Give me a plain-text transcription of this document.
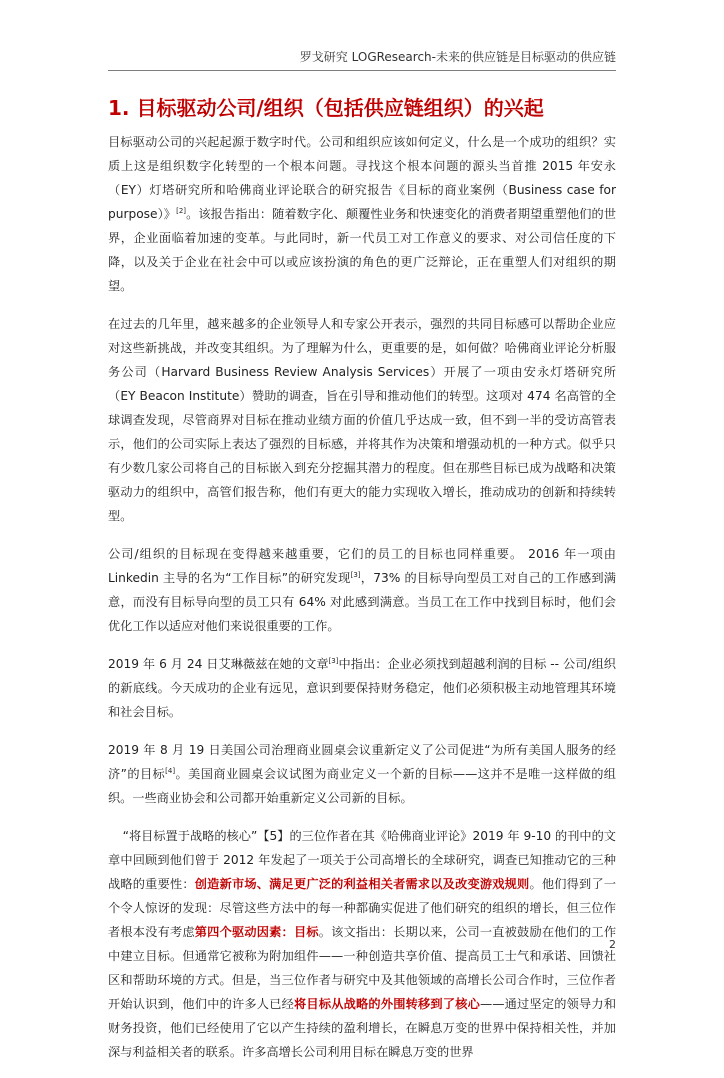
罗戈研究 LOGResearch-未来的供应链是目标驱动的供应链
1. 目标驱动公司/组织（包括供应链组织）的兴起

目标驱动公司的兴起起源于数字时代。公司和组织应该如何定义，什么是一个成功的组织？实质上这是组织数字化转型的一个根本问题。寻找这个根本问题的源头当首推 2015 年安永（EY）灯塔研究所和哈佛商业评论联合的研究报告《目标的商业案例（Business case for purpose）》[2]。该报告指出：随着数字化、颠覆性业务和快速变化的消费者期望重塑他们的世界，企业面临着加速的变革。与此同时，新一代员工对工作意义的要求、对公司信任度的下降，以及关于企业在社会中可以或应该扮演的角色的更广泛辩论，正在重塑人们对组织的期望。

在过去的几年里，越来越多的企业领导人和专家公开表示，强烈的共同目标感可以帮助企业应对这些新挑战，并改变其组织。为了理解为什么，更重要的是，如何做？哈佛商业评论分析服务公司（Harvard Business Review Analysis Services）开展了一项由安永灯塔研究所（EY Beacon Institute）赞助的调查，旨在引导和推动他们的转型。这项对 474 名高管的全球调查发现，尽管商界对目标在推动业绩方面的价值几乎达成一致，但不到一半的受访高管表示，他们的公司实际上表达了强烈的目标感，并将其作为决策和增强动机的一种方式。似乎只有少数几家公司将自己的目标嵌入到充分挖掘其潜力的程度。但在那些目标已成为战略和决策驱动力的组织中，高管们报告称，他们有更大的能力实现收入增长，推动成功的创新和持续转型。

公司/组织的目标现在变得越来越重要，它们的员工的目标也同样重要。 2016 年一项由 Linkedin 主导的名为“工作目标”的研究发现[3]，73% 的目标导向型员工对自己的工作感到满意，而没有目标导向型的员工只有 64% 对此感到满意。当员工在工作中找到目标时，他们会优化工作以适应对他们来说很重要的工作。

2019 年 6 月 24 日艾琳薇兹在她的文章[3]中指出：企业必须找到超越利润的目标 -- 公司/组织的新底线。今天成功的企业有远见，意识到要保持财务稳定，他们必须积极主动地管理其环境和社会目标。

2019 年 8 月 19 日美国公司治理商业圆桌会议重新定义了公司促进“为所有美国人服务的经济”的目标[4]。美国商业圆桌会议试图为商业定义一个新的目标——这并不是唯一这样做的组织。一些商业协会和公司都开始重新定义公司新的目标。

“将目标置于战略的核心”【5】的三位作者在其《哈佛商业评论》2019 年 9-10 的刊中的文章中回顾到他们曾于 2012 年发起了一项关于公司高增长的全球研究，调查已知推动它的三种战略的重要性：创造新市场、满足更广泛的利益相关者需求以及改变游戏规则。他们得到了一个令人惊讶的发现：尽管这些方法中的每一种都确实促进了他们研究的组织的增长，但三位作者根本没有考虑第四个驱动因素：目标。该文指出：长期以来，公司一直被鼓励在他们的工作中建立目标。但通常它被称为附加组件——一种创造共享价值、提高员工士气和承诺、回馈社区和帮助环境的方式。但是，当三位作者与研究中及其他领域的高增长公司合作时，三位作者开始认识到，他们中的许多人已经将目标从战略的外围转移到了核心——通过坚定的领导力和财务投资，他们已经使用了它以产生持续的盈利增长，在瞬息万变的世界中保持相关性，并加深与利益相关者的联系。许多高增长公司利用目标在瞬息万变的世界

2
